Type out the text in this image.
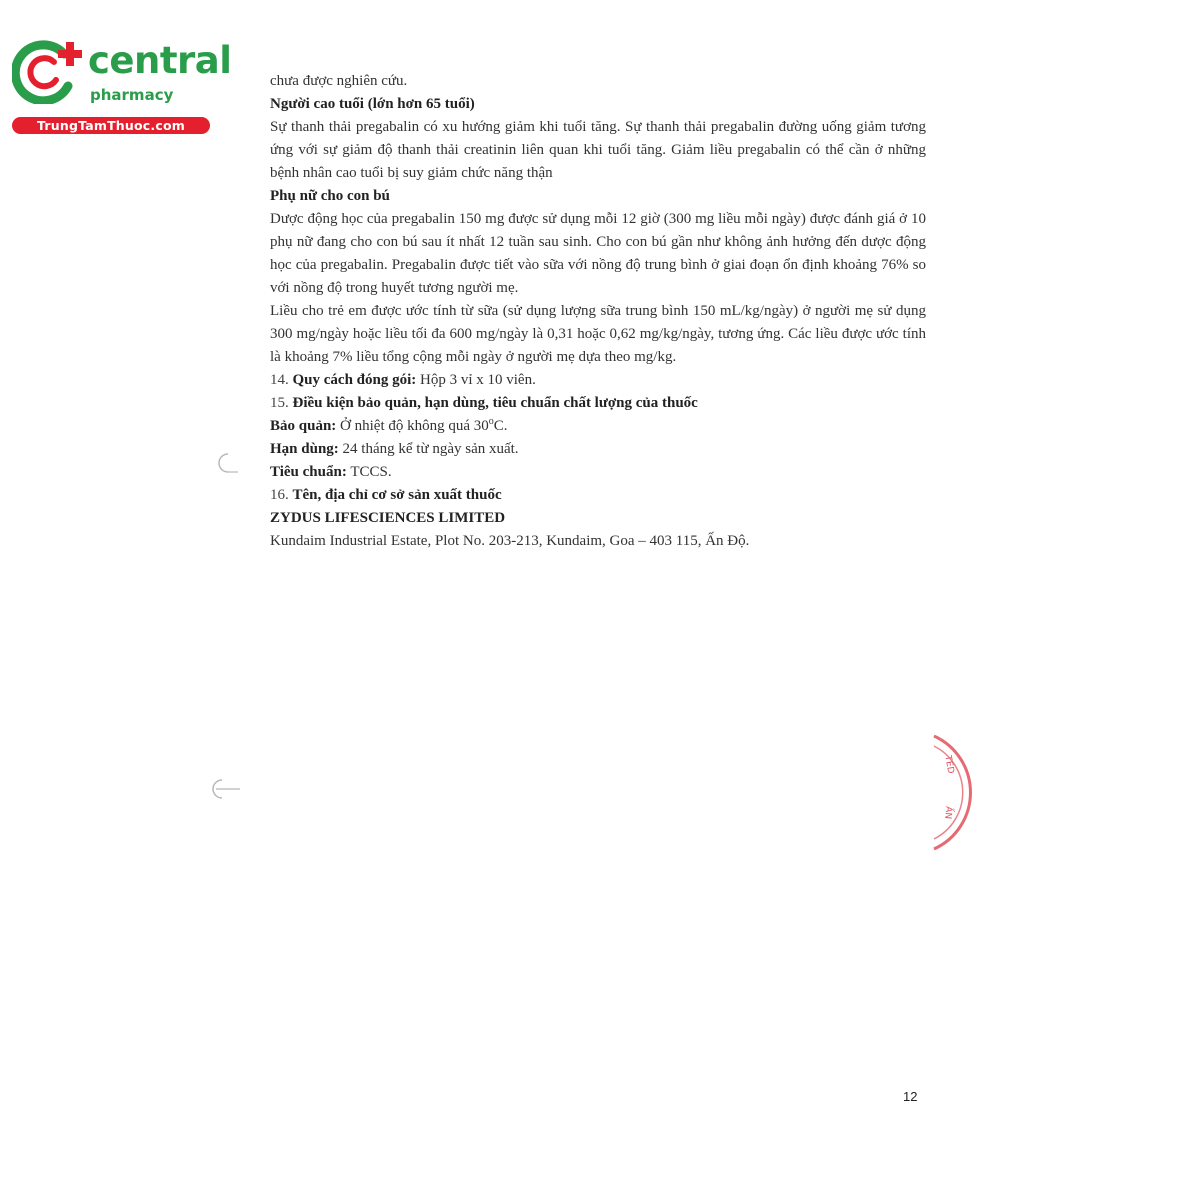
central
pharmacy
TrungTamThuoc.com

chưa được nghiên cứu.

Người cao tuổi (lớn hơn 65 tuổi)

Sự thanh thải pregabalin có xu hướng giảm khi tuổi tăng. Sự thanh thải pregabalin đường uống giảm tương ứng với sự giảm độ thanh thải creatinin liên quan khi tuổi tăng. Giảm liều pregabalin có thể cần ở những bệnh nhân cao tuổi bị suy giảm chức năng thận

Phụ nữ cho con bú

Dược động học của pregabalin 150 mg được sử dụng mỗi 12 giờ (300 mg liều mỗi ngày) được đánh giá ở 10 phụ nữ đang cho con bú sau ít nhất 12 tuần sau sinh. Cho con bú gần như không ảnh hưởng đến dược động học của pregabalin. Pregabalin được tiết vào sữa với nồng độ trung bình ở giai đoạn ổn định khoảng 76% so với nồng độ trong huyết tương người mẹ.

Liều cho trẻ em được ước tính từ sữa (sử dụng lượng sữa trung bình 150 mL/kg/ngày) ở người mẹ sử dụng 300 mg/ngày hoặc liều tối đa 600 mg/ngày là 0,31 hoặc 0,62 mg/kg/ngày, tương ứng. Các liều được ước tính là khoảng 7% liều tổng cộng mỗi ngày ở người mẹ dựa theo mg/kg.

14. Quy cách đóng gói: Hộp 3 vỉ x 10 viên.

15. Điều kiện bảo quản, hạn dùng, tiêu chuẩn chất lượng của thuốc

Bảo quản: Ở nhiệt độ không quá 30$^o$C.

Hạn dùng: 24 tháng kể từ ngày sản xuất.

Tiêu chuẩn: TCCS.

16. Tên, địa chỉ cơ sở sản xuất thuốc

ZYDUS LIFESCIENCES LIMITED

Kundaim Industrial Estate, Plot No. 203-213, Kundaim, Goa – 403 115, Ấn Độ.

TED
ẤN
12
